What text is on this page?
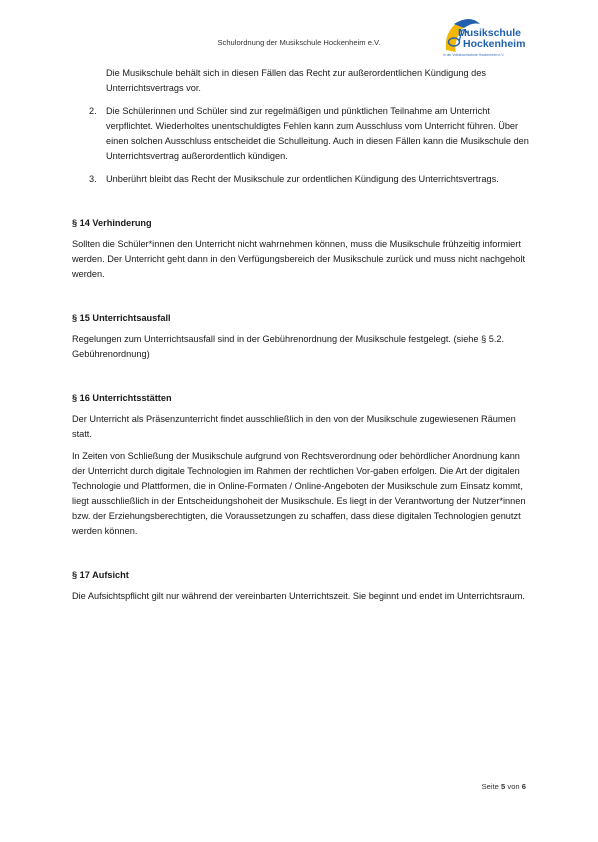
Schulordnung der Musikschule Hockenheim e.V.
Musikschule
Hockenheim
in der Volkshochschule Hockenheim e.V.

Die Musikschule behält sich in diesen Fällen das Recht zur außerordentlichen Kündigung des Unterrichtsvertrags vor.

2. Die Schülerinnen und Schüler sind zur regelmäßigen und pünktlichen Teilnahme am Unterricht verpflichtet. Wiederholtes unentschuldigtes Fehlen kann zum Ausschluss vom Unterricht führen. Über einen solchen Ausschluss entscheidet die Schulleitung. Auch in diesen Fällen kann die Musikschule den Unterrichtsvertrag außerordentlich kündigen.
3. Unberührt bleibt das Recht der Musikschule zur ordentlichen Kündigung des Unterrichtsvertrags.

§ 14 Verhinderung

Sollten die Schüler*innen den Unterricht nicht wahrnehmen können, muss die Musikschule frühzeitig informiert werden. Der Unterricht geht dann in den Verfügungsbereich der Musikschule zurück und muss nicht nachgeholt werden.

§ 15 Unterrichtsausfall

Regelungen zum Unterrichtsausfall sind in der Gebührenordnung der Musikschule festgelegt. (siehe § 5.2. Gebührenordnung)

§ 16 Unterrichtsstätten

Der Unterricht als Präsenzunterricht findet ausschließlich in den von der Musikschule zugewiesenen Räumen statt.

In Zeiten von Schließung der Musikschule aufgrund von Rechtsverordnung oder behördlicher Anordnung kann der Unterricht durch digitale Technologien im Rahmen der rechtlichen Vor-gaben erfolgen. Die Art der digitalen Technologie und Plattformen, die in Online-Formaten / Online-Angeboten der Musikschule zum Einsatz kommt, liegt ausschließlich in der Entscheidungshoheit der Musikschule. Es liegt in der Verantwortung der Nutzer*innen bzw. der Erziehungsberechtigten, die Voraussetzungen zu schaffen, dass diese digitalen Technologien genutzt werden können.

§ 17 Aufsicht

Die Aufsichtspflicht gilt nur während der vereinbarten Unterrichtszeit. Sie beginnt und endet im Unterrichtsraum.

Seite 5 von 6
